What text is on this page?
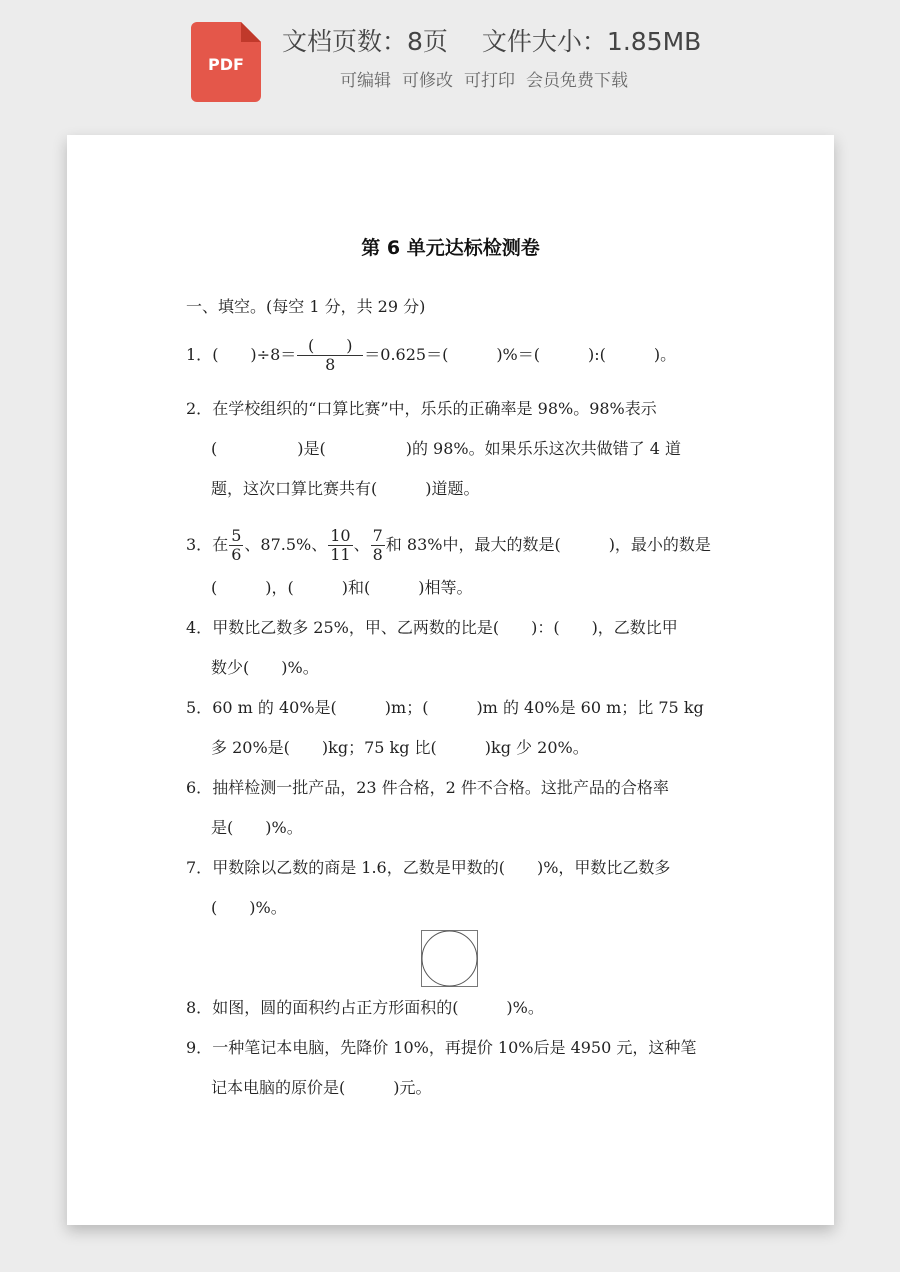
PDF
文档页数：8页 文件大小：1.85MB
可编辑 可修改 可打印 会员免费下载
第 6 单元达标检测卷
一、填空。(每空 1 分，共 29 分)
1．(　　)$\div 8= \frac{( )}{8} =0.625=$(　　　)%＝(　　　):(　　　)。
2．在学校组织的“口算比赛”中，乐乐的正确率是 98%。98%表示
(　　　　　)是(　　　　　)的 98%。如果乐乐这次共做错了 4 道
题，这次口算比赛共有(　　　)道题。
3．在 $\frac{5}{6}$ 、87.5%、 $\frac{10}{11}$ 、 $\frac{7}{8}$ 和 83%中，最大的数是(　　　)，最小的数是
(　　　)，(　　　)和(　　　)相等。
4．甲数比乙数多 25%，甲、乙两数的比是(　　)：(　　)，乙数比甲
数少(　　)%。
5．60 m 的 40%是(　　　)m；(　　　)m 的 40%是 60 m；比 75 kg
多 20%是(　　)kg；75 kg 比(　　　)kg 少 20%。
6．抽样检测一批产品，23 件合格，2 件不合格。这批产品的合格率
是(　　)%。
7．甲数除以乙数的商是 1.6，乙数是甲数的(　　)%，甲数比乙数多
(　　)%。
8．如图，圆的面积约占正方形面积的(　　　)%。
9．一种笔记本电脑，先降价 10%，再提价 10%后是 4950 元，这种笔
记本电脑的原价是(　　　)元。
